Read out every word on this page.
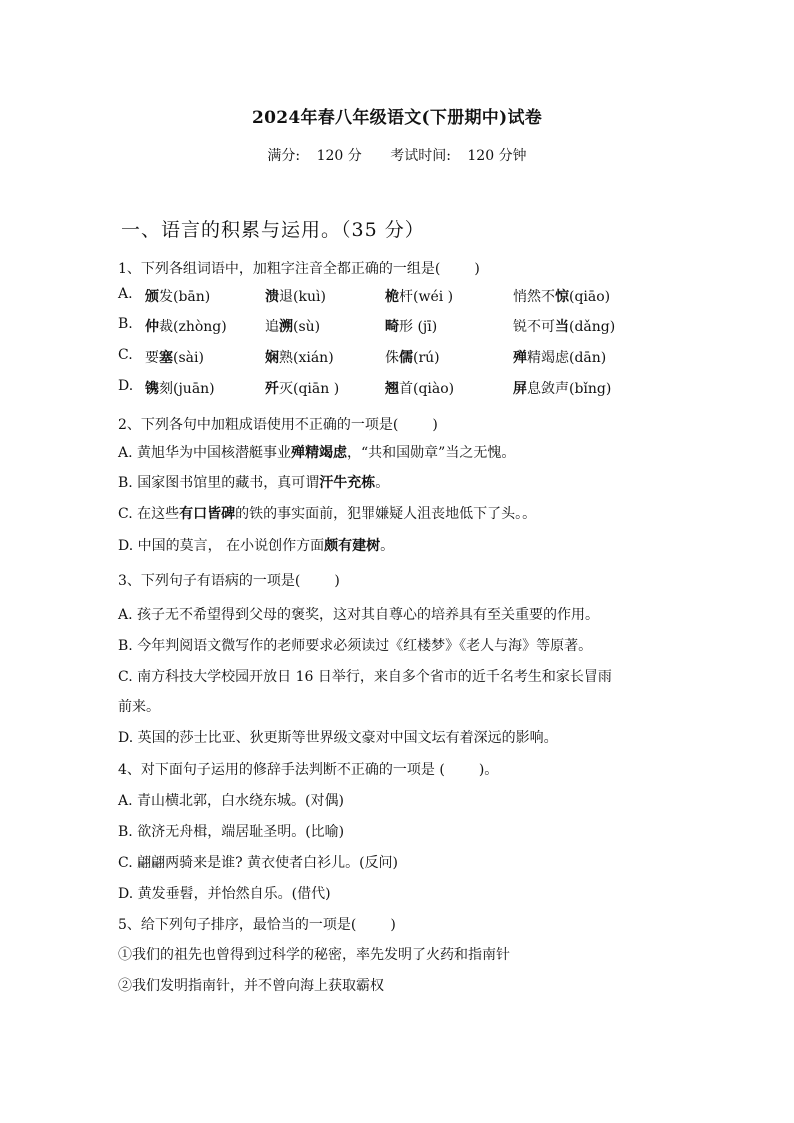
2024年春八年级语文(下册期中)试卷
满分: 120 分 考试时间: 120 分钟
一、语言的积累与运用。（35 分）
1、下列各组词语中，加粗字注音全都正确的一组是( )
A. 颁发(bān)	溃退(kuì)	桅杆(wéi )	悄然不惊(qiāo)
B. 仲裁(zhòng)	追溯(sù)	畸形 (jī)	锐不可当(dǎng)
C. 要塞(sài)	娴熟(xián)	侏儒(rú)	殚精竭虑(dān)
D. 镌刻(juān)	歼灭(qiān )	翘首(qiào)	屏息敛声(bǐng)
2、下列各句中加粗成语使用不正确的一项是( )
A. 黄旭华为中国核潜艇事业殚精竭虑，“共和国勋章”当之无愧。
B. 国家图书馆里的藏书，真可谓汗牛充栋。
C. 在这些有口皆碑的铁的事实面前，犯罪嫌疑人沮丧地低下了头。。
D. 中国的莫言， 在小说创作方面颇有建树。
3、下列句子有语病的一项是( )
A. 孩子无不希望得到父母的褒奖，这对其自尊心的培养具有至关重要的作用。
B. 今年判阅语文微写作的老师要求必须读过《红楼梦》《老人与海》等原著。
C. 南方科技大学校园开放日 16 日举行，来自多个省市的近千名考生和家长冒雨
前来。
D. 英国的莎士比亚、狄更斯等世界级文豪对中国文坛有着深远的影响。
4、对下面句子运用的修辞手法判断不正确的一项是 ( )。
A. 青山横北郭，白水绕东城。(对偶)
B. 欲济无舟楫，端居耻圣明。(比喻)
C. 翩翩两骑来是谁? 黄衣使者白衫儿。(反问)
D. 黄发垂髫，并怡然自乐。(借代)
5、给下列句子排序，最恰当的一项是( )
①我们的祖先也曾得到过科学的秘密，率先发明了火药和指南针
②我们发明指南针，并不曾向海上获取霸权
